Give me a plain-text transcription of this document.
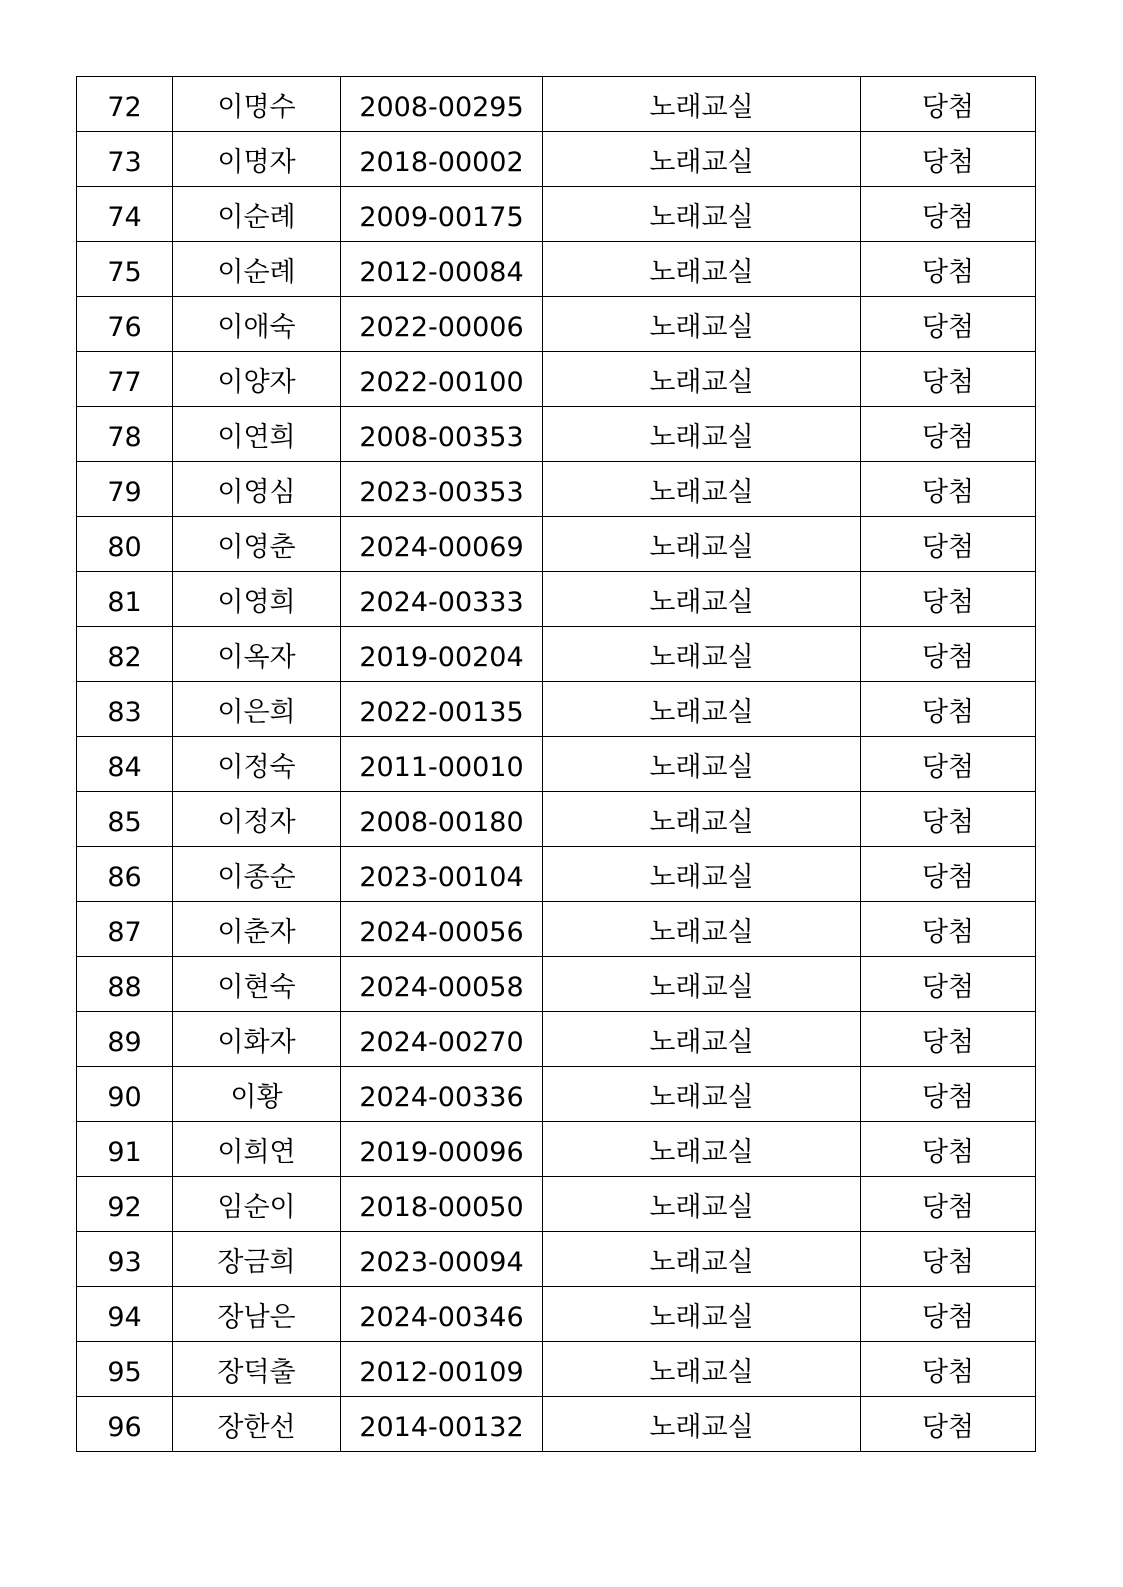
72	이명수	2008-00295	노래교실	당첨
73	이명자	2018-00002	노래교실	당첨
74	이순례	2009-00175	노래교실	당첨
75	이순례	2012-00084	노래교실	당첨
76	이애숙	2022-00006	노래교실	당첨
77	이양자	2022-00100	노래교실	당첨
78	이연희	2008-00353	노래교실	당첨
79	이영심	2023-00353	노래교실	당첨
80	이영춘	2024-00069	노래교실	당첨
81	이영희	2024-00333	노래교실	당첨
82	이옥자	2019-00204	노래교실	당첨
83	이은희	2022-00135	노래교실	당첨
84	이정숙	2011-00010	노래교실	당첨
85	이정자	2008-00180	노래교실	당첨
86	이종순	2023-00104	노래교실	당첨
87	이춘자	2024-00056	노래교실	당첨
88	이현숙	2024-00058	노래교실	당첨
89	이화자	2024-00270	노래교실	당첨
90	이황	2024-00336	노래교실	당첨
91	이희연	2019-00096	노래교실	당첨
92	임순이	2018-00050	노래교실	당첨
93	장금희	2023-00094	노래교실	당첨
94	장남은	2024-00346	노래교실	당첨
95	장덕출	2012-00109	노래교실	당첨
96	장한선	2014-00132	노래교실	당첨
